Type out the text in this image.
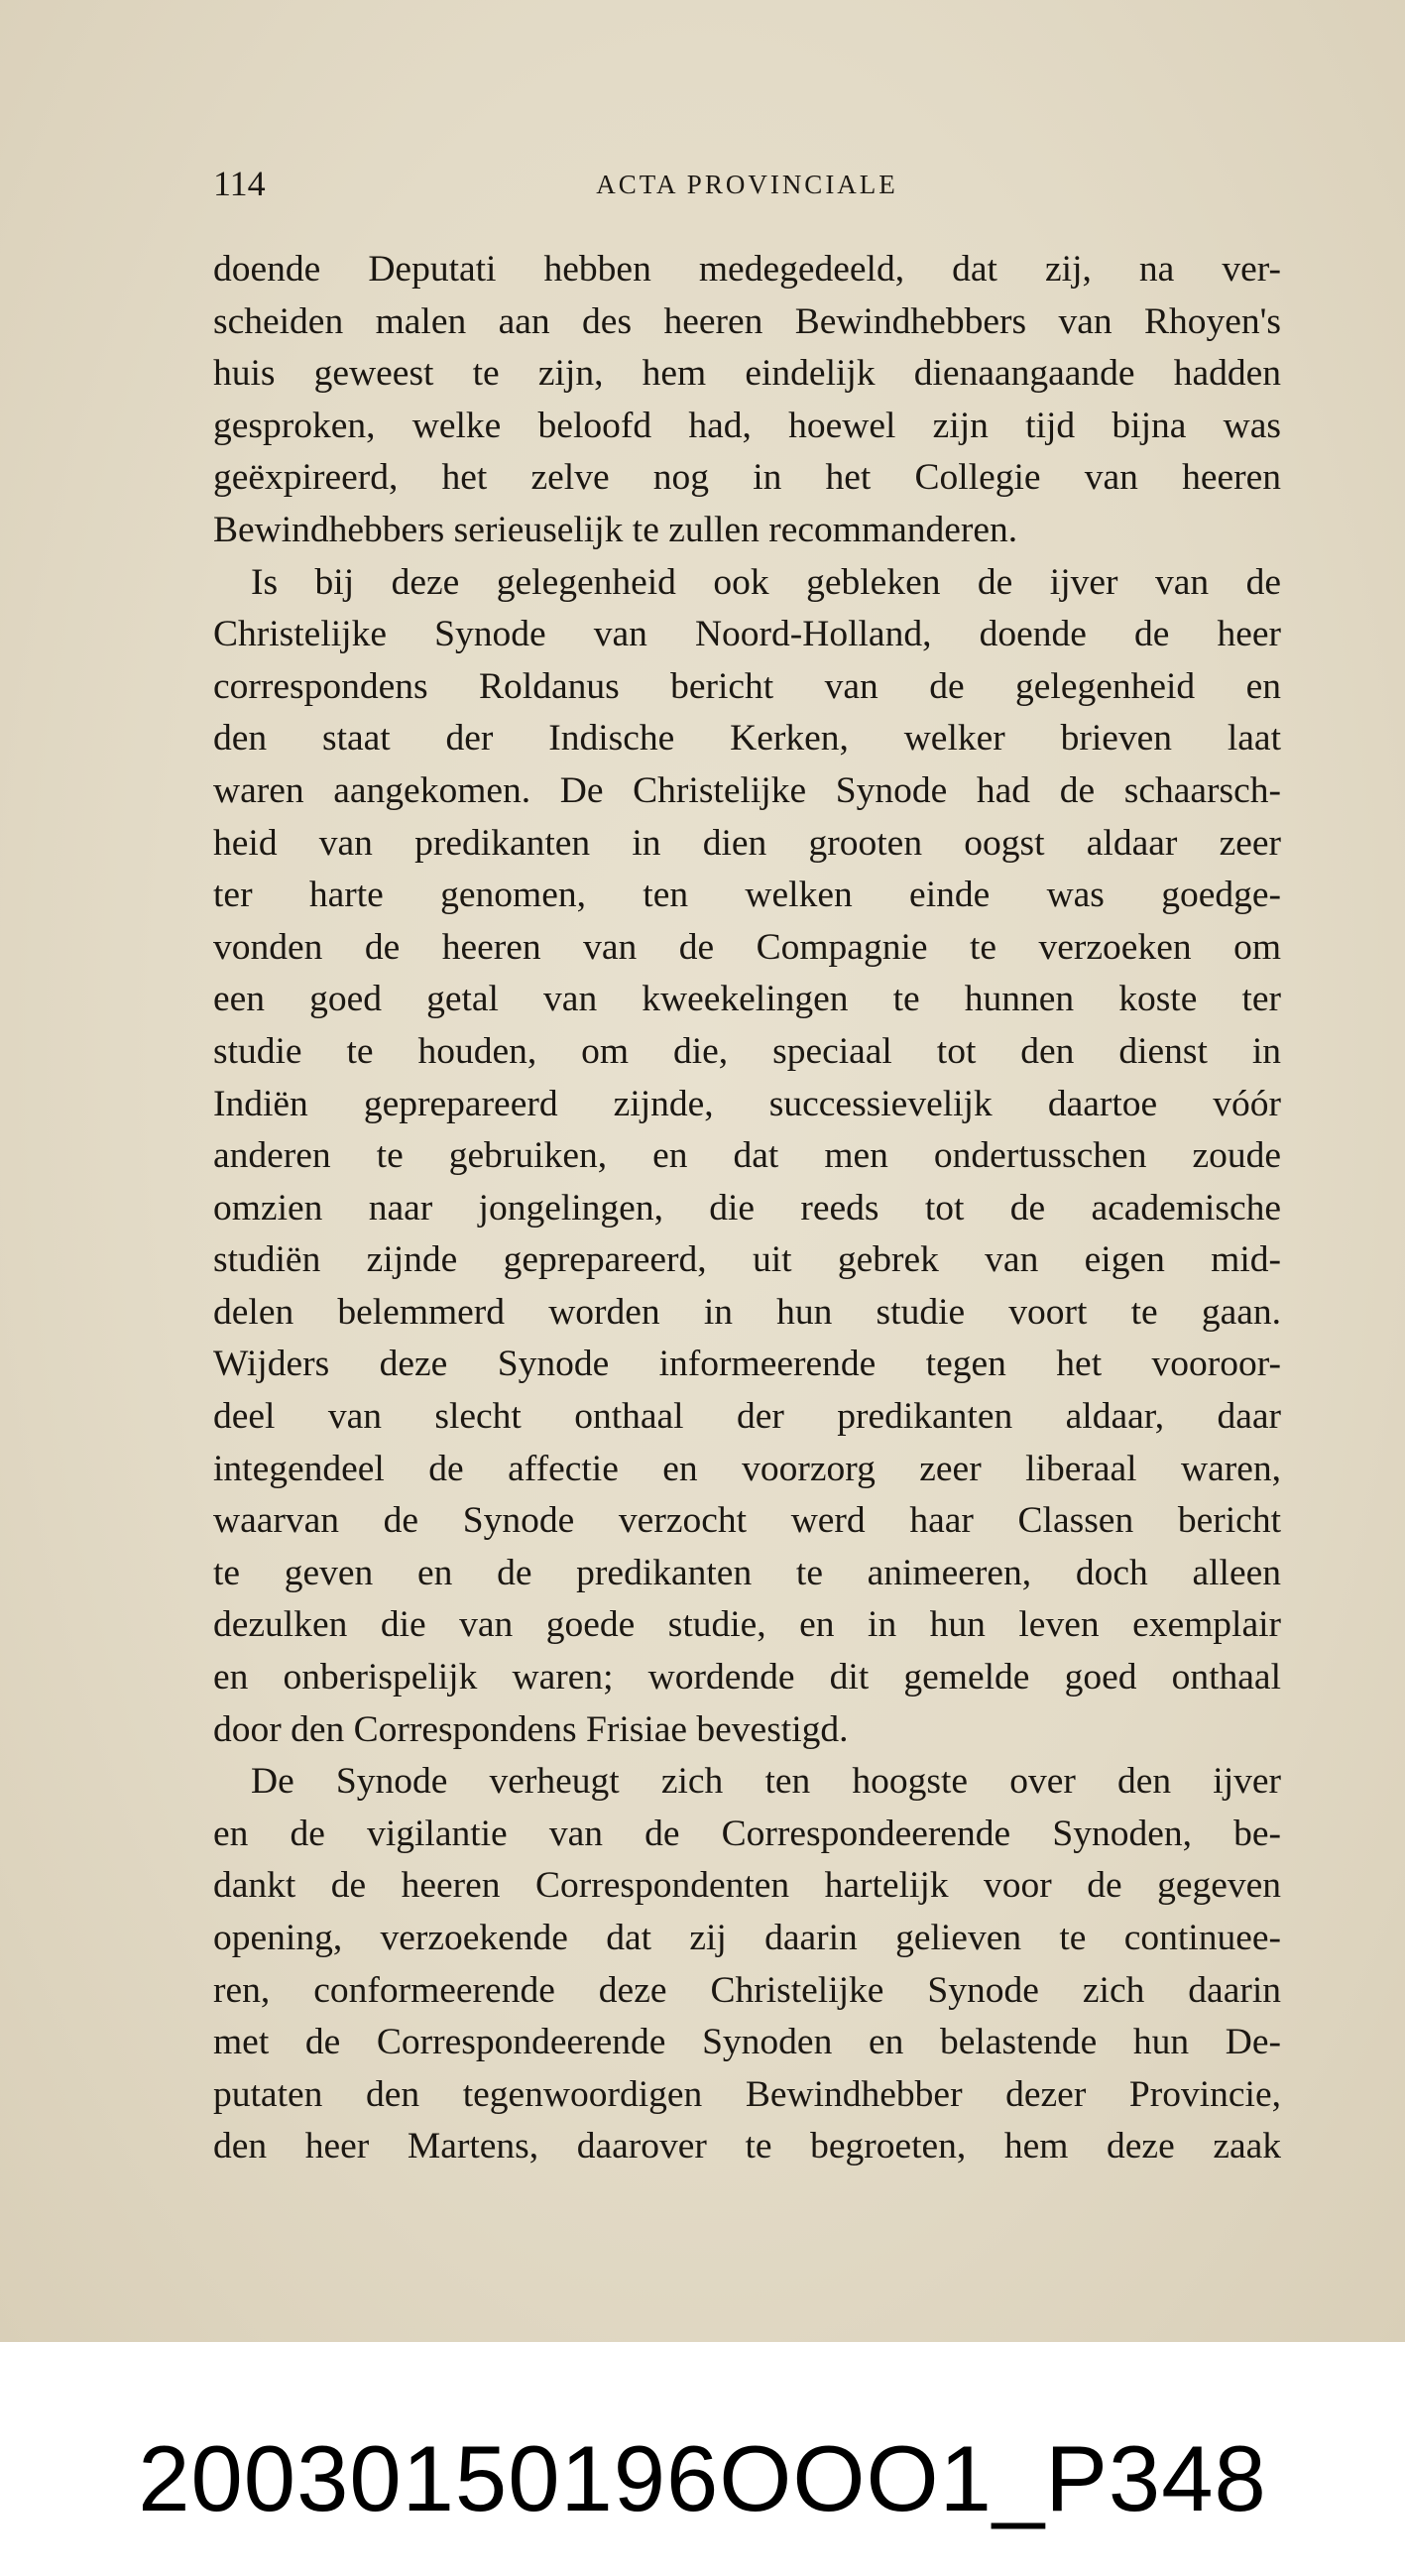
114	ACTA PROVINCIALE

doende Deputati hebben medegedeeld, dat zij, na ver-
scheiden malen aan des heeren Bewindhebbers van Rhoyen's
huis geweest te zijn, hem eindelijk dienaangaande hadden
gesproken, welke beloofd had, hoewel zijn tijd bijna was
geëxpireerd, het zelve nog in het Collegie van heeren
Bewindhebbers serieuselijk te zullen recommanderen.

Is bij deze gelegenheid ook gebleken de ijver van de
Christelijke Synode van Noord-Holland, doende de heer
correspondens Roldanus bericht van de gelegenheid en
den staat der Indische Kerken, welker brieven laat
waren aangekomen. De Christelijke Synode had de schaarsch-
heid van predikanten in dien grooten oogst aldaar zeer
ter harte genomen, ten welken einde was goedge-
vonden de heeren van de Compagnie te verzoeken om
een goed getal van kweekelingen te hunnen koste ter
studie te houden, om die, speciaal tot den dienst in
Indiën geprepareerd zijnde, successievelijk daartoe vóór
anderen te gebruiken, en dat men ondertusschen zoude
omzien naar jongelingen, die reeds tot de academische
studiën zijnde geprepareerd, uit gebrek van eigen mid-
delen belemmerd worden in hun studie voort te gaan.
Wijders deze Synode informeerende tegen het vooroor-
deel van slecht onthaal der predikanten aldaar, daar
integendeel de affectie en voorzorg zeer liberaal waren,
waarvan de Synode verzocht werd haar Classen bericht
te geven en de predikanten te animeeren, doch alleen
dezulken die van goede studie, en in hun leven exemplair
en onberispelijk waren; wordende dit gemelde goed onthaal
door den Correspondens Frisiae bevestigd.

De Synode verheugt zich ten hoogste over den ijver
en de vigilantie van de Correspondeerende Synoden, be-
dankt de heeren Correspondenten hartelijk voor de gegeven
opening, verzoekende dat zij daarin gelieven te continuee-
ren, conformeerende deze Christelijke Synode zich daarin
met de Correspondeerende Synoden en belastende hun De-
putaten den tegenwoordigen Bewindhebber dezer Provincie,
den heer Martens, daarover te begroeten, hem deze zaak

20030150196OOO1_P348
